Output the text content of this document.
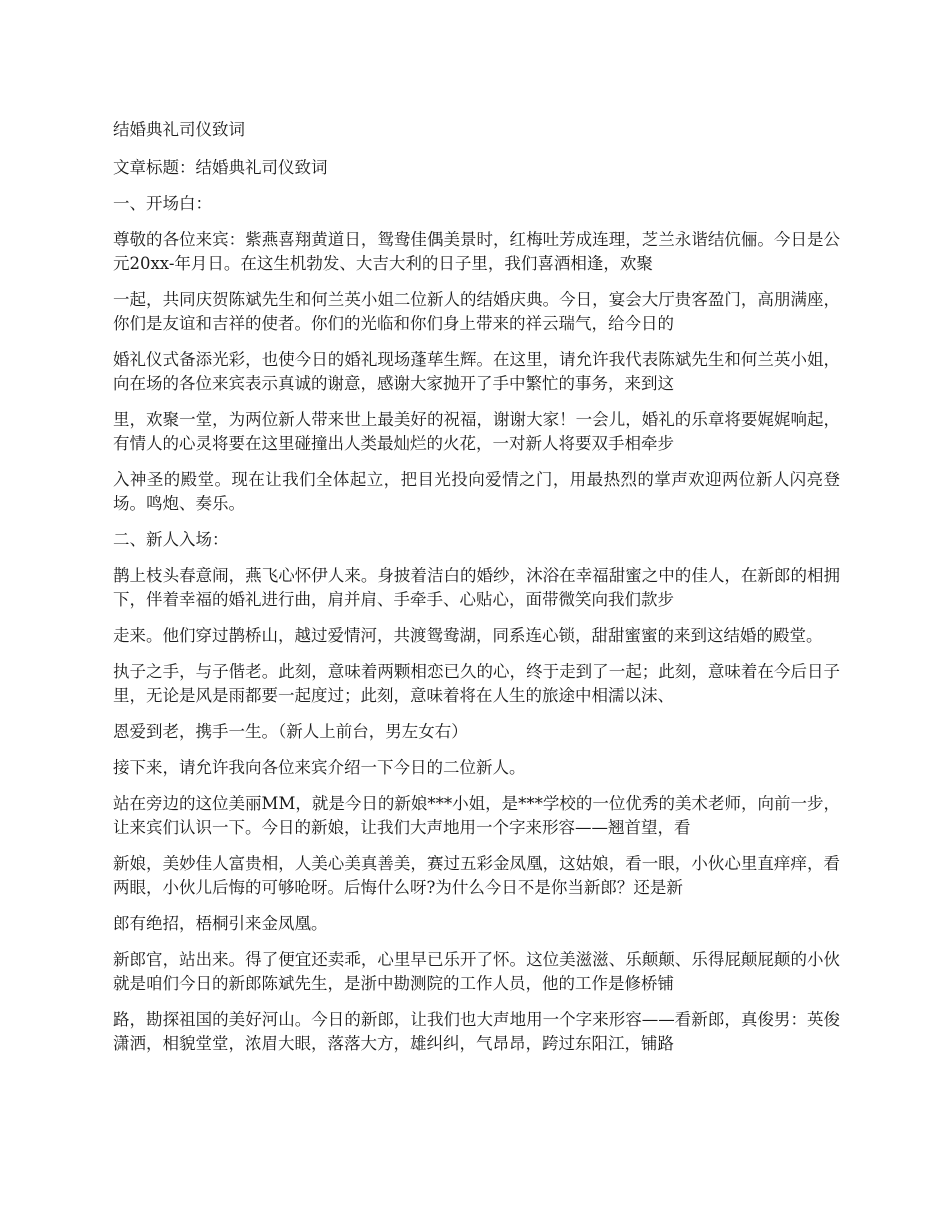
结婚典礼司仪致词

文章标题：结婚典礼司仪致词

一、开场白：

尊敬的各位来宾：紫燕喜翔黄道日，鸳鸯佳偶美景时，红梅吐芳成连理，芝兰永谐结伉俪。今日是公元20xx-年月日。在这生机勃发、大吉大利的日子里，我们喜酒相逢，欢聚

一起，共同庆贺陈斌先生和何兰英小姐二位新人的结婚庆典。今日，宴会大厅贵客盈门，高朋满座，你们是友谊和吉祥的使者。你们的光临和你们身上带来的祥云瑞气，给今日的

婚礼仪式备添光彩，也使今日的婚礼现场蓬荜生辉。在这里，请允许我代表陈斌先生和何兰英小姐，向在场的各位来宾表示真诚的谢意，感谢大家抛开了手中繁忙的事务，来到这

里，欢聚一堂，为两位新人带来世上最美好的祝福，谢谢大家！一会儿，婚礼的乐章将要娓娓响起，有情人的心灵将要在这里碰撞出人类最灿烂的火花，一对新人将要双手相牵步

入神圣的殿堂。现在让我们全体起立，把目光投向爱情之门，用最热烈的掌声欢迎两位新人闪亮登场。鸣炮、奏乐。

二、新人入场：

鹊上枝头春意闹，燕飞心怀伊人来。身披着洁白的婚纱，沐浴在幸福甜蜜之中的佳人，在新郎的相拥下，伴着幸福的婚礼进行曲，肩并肩、手牵手、心贴心，面带微笑向我们款步

走来。他们穿过鹊桥山，越过爱情河，共渡鸳鸯湖，同系连心锁，甜甜蜜蜜的来到这结婚的殿堂。

执子之手，与子偕老。此刻，意味着两颗相恋已久的心，终于走到了一起；此刻，意味着在今后日子里，无论是风是雨都要一起度过；此刻，意味着将在人生的旅途中相濡以沫、

恩爱到老，携手一生。（新人上前台，男左女右）

接下来，请允许我向各位来宾介绍一下今日的二位新人。

站在旁边的这位美丽MM，就是今日的新娘***小姐，是***学校的一位优秀的美术老师，向前一步，让来宾们认识一下。今日的新娘，让我们大声地用一个字来形容——翘首望，看

新娘，美妙佳人富贵相，人美心美真善美，赛过五彩金凤凰，这姑娘，看一眼，小伙心里直痒痒，看两眼，小伙儿后悔的可够呛呀。后悔什么呀?为什么今日不是你当新郎？还是新

郎有绝招，梧桐引来金凤凰。

新郎官，站出来。得了便宜还卖乖，心里早已乐开了怀。这位美滋滋、乐颠颠、乐得屁颠屁颠的小伙就是咱们今日的新郎陈斌先生，是浙中勘测院的工作人员，他的工作是修桥铺

路，勘探祖国的美好河山。今日的新郎，让我们也大声地用一个字来形容——看新郎，真俊男：英俊潇洒，相貌堂堂，浓眉大眼，落落大方，雄纠纠，气昂昂，跨过东阳江，铺路
